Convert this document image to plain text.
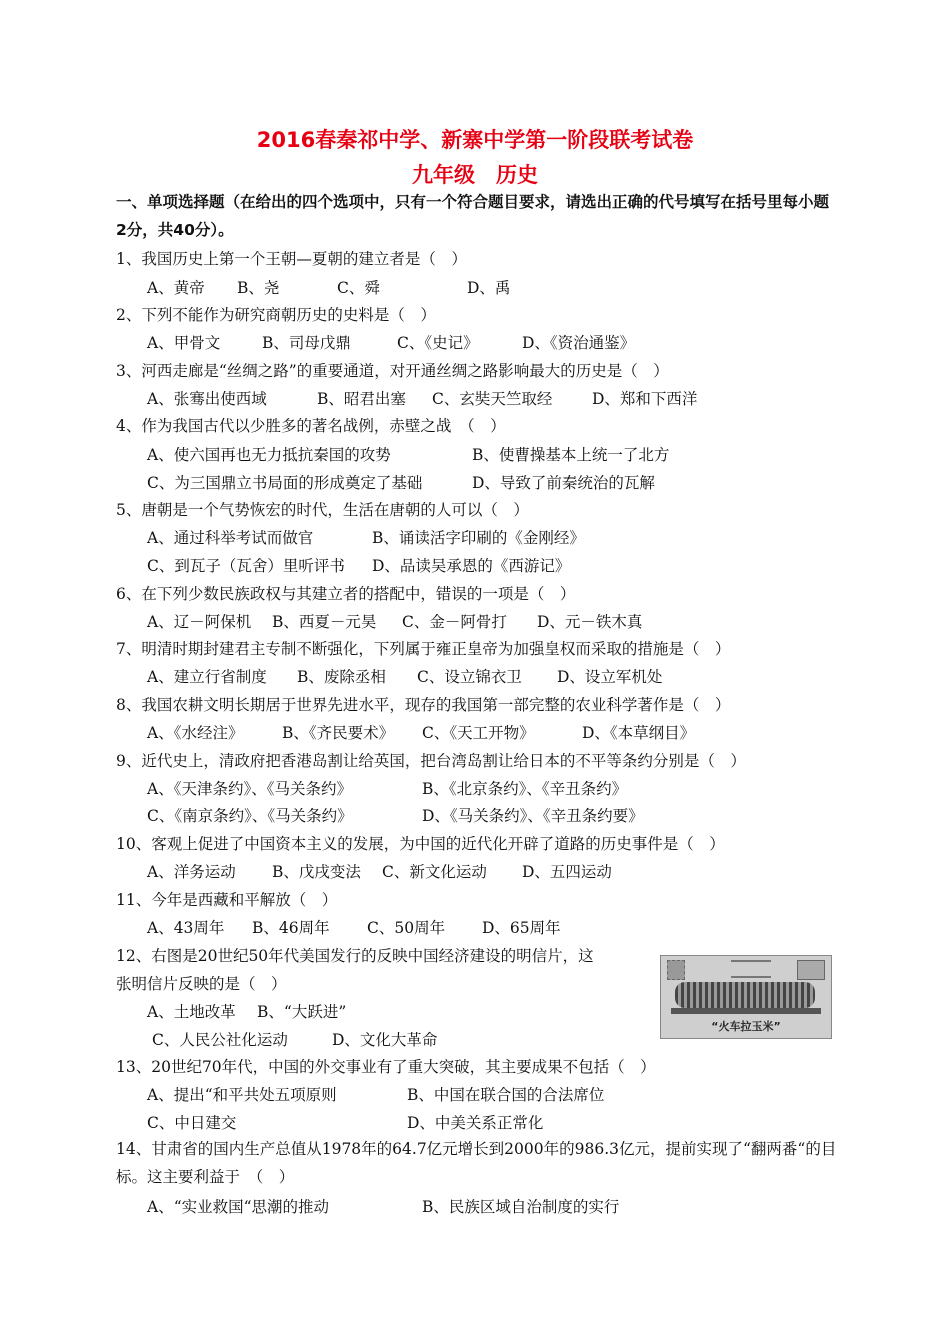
2016春秦祁中学、新寨中学第一阶段联考试卷
九年级　历史
一、单项选择题（在给出的四个选项中，只有一个符合题目要求，请选出正确的代号填写在括号里每小题2分，共40分）。
1、我国历史上第一个王朝—夏朝的建立者是（　）
A、黄帝 B、尧	C、舜	D、禹
2、下列不能作为研究商朝历史的史料是（　）
A、甲骨文	B、司母戊鼎	C、《史记》	D、《资治通鉴》
3、河西走廊是“丝绸之路”的重要通道，对开通丝绸之路影响最大的历史是（　）
A、张骞出使西域	B、昭君出塞 C、玄奘天竺取经	D、郑和下西洋
4、作为我国古代以少胜多的著名战例，赤壁之战　（　）
A、使六国再也无力抵抗秦国的攻势	B、使曹操基本上统一了北方
C、为三国鼎立书局面的形成奠定了基础	D、导致了前秦统治的瓦解
5、唐朝是一个气势恢宏的时代，生活在唐朝的人可以（　）
A、通过科举考试而做官	B、诵读活字印刷的《金刚经》
C、到瓦子（瓦舍）里听评书 D、品读吴承恩的《西游记》
6、在下列少数民族政权与其建立者的搭配中，错误的一项是（　）
A、辽－阿保机 B、西夏－元昊 C、金－阿骨打 D、元－铁木真
7、明清时期封建君主专制不断强化，下列属于雍正皇帝为加强皇权而采取的措施是（　）
A、建立行省制度 B、废除丞相 C、设立锦衣卫 D、设立军机处
8、我国农耕文明长期居于世界先进水平，现存的我国第一部完整的农业科学著作是（　）
A、《水经注》 B、《齐民要术》 C、《天工开物》	D、《本草纲目》
9、近代史上，清政府把香港岛割让给英国，把台湾岛割让给日本的不平等条约分别是（　）
A、《天津条约》、《马关条约》	B、《北京条约》、《辛丑条约》
C、《南京条约》、《马关条约》	D、《马关条约》、《辛丑条约要》
10、客观上促进了中国资本主义的发展，为中国的近代化开辟了道路的历史事件是（　）
A、洋务运动 B、戊戌变法 C、新文化运动 D、五四运动
11、今年是西藏和平解放（　）
A、43周年 B、46周年 C、50周年 D、65周年
12、右图是20世纪50年代美国发行的反映中国经济建设的明信片，这
张明信片反映的是（　）
A、土地改革 B、“大跃进”
C、人民公社化运动	D、文化大革命
“火车拉玉米”
13、20世纪70年代，中国的外交事业有了重大突破，其主要成果不包括（　）
A、提出“和平共处五项原则	B、中国在联合国的合法席位
C、中日建交	D、中美关系正常化
14、甘肃省的国内生产总值从1978年的64.7亿元增长到2000年的986.3亿元，提前实现了“翻两番“的目标。这主要利益于　（　）
A、“实业救国“思潮的推动	B、民族区域自治制度的实行
